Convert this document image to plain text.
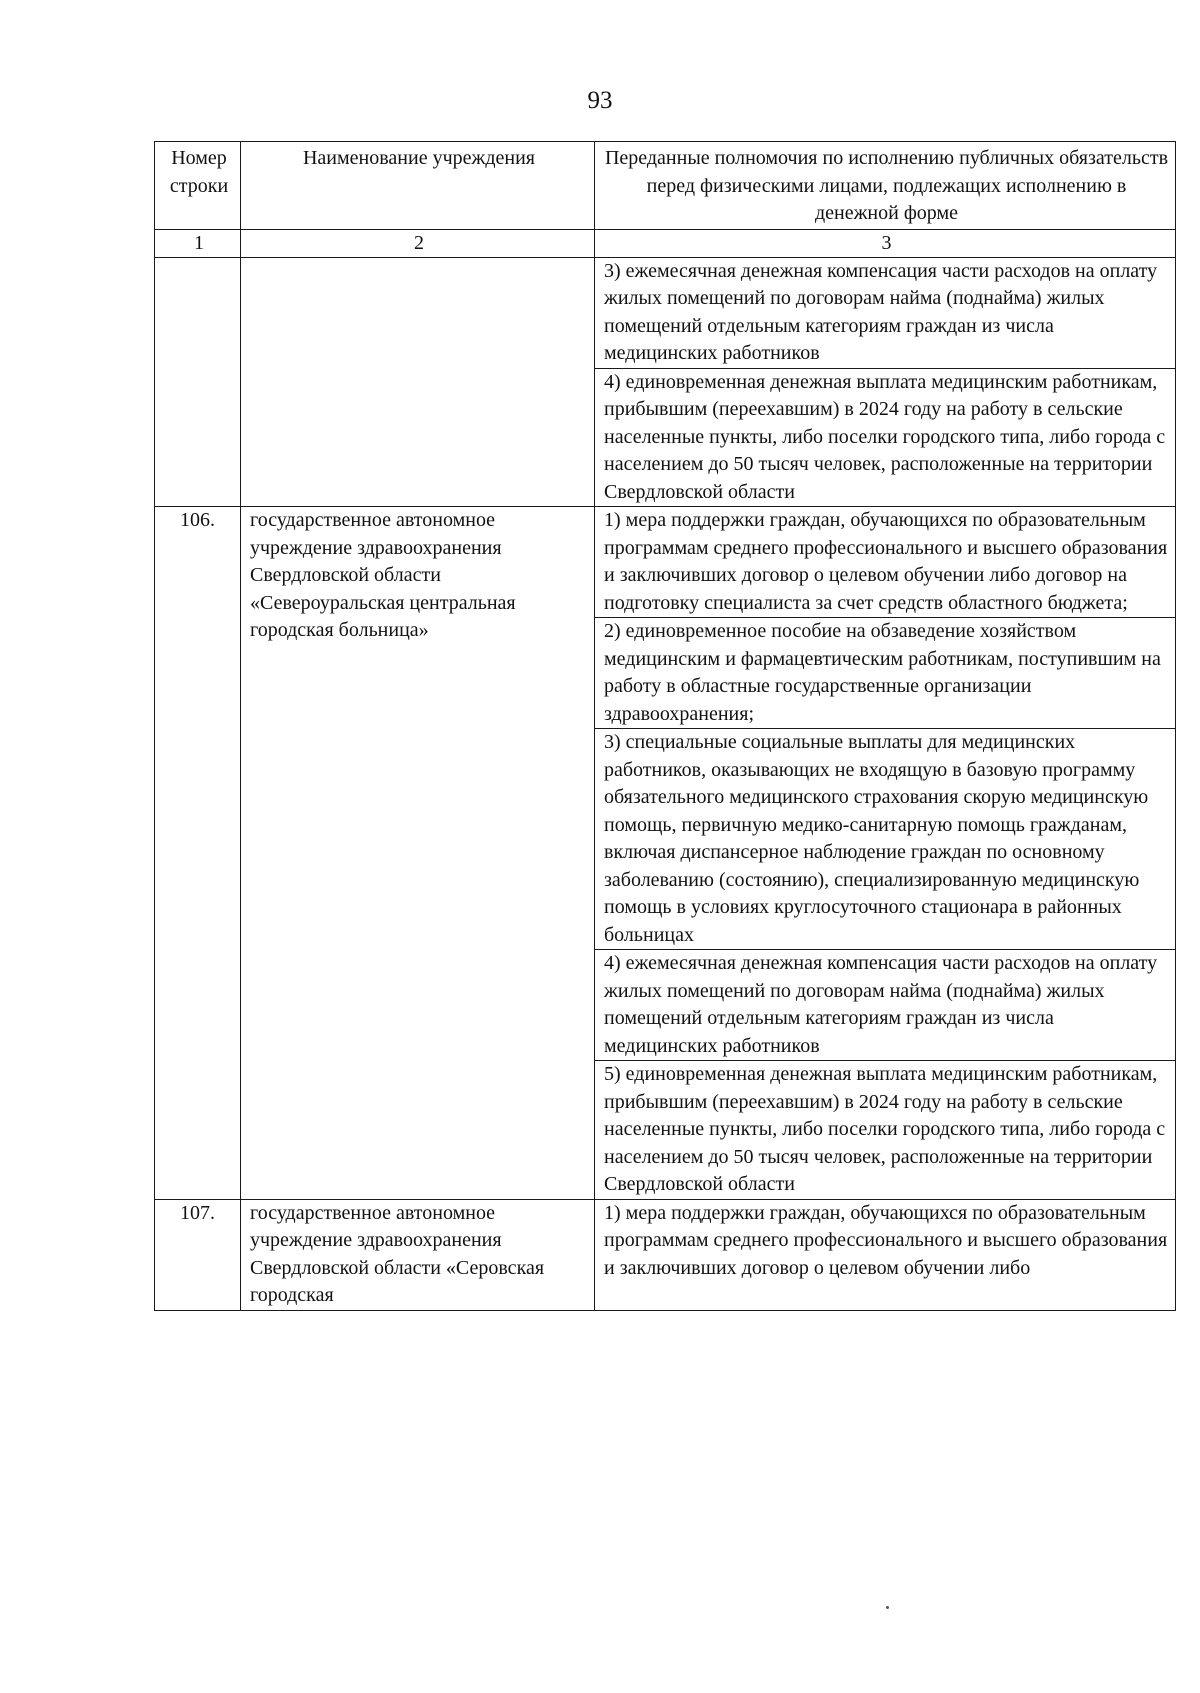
93
Номер строки	Наименование учреждения	Переданные полномочия по исполнению публичных обязательств перед физическими лицами, подлежащих исполнению в денежной форме
1	2	3
		3) ежемесячная денежная компенсация части расходов на оплату жилых помещений по договорам найма (поднайма) жилых помещений отдельным категориям граждан из числа медицинских работников
		4) единовременная денежная выплата медицинским работникам, прибывшим (переехавшим) в 2024 году на работу в сельские населенные пункты, либо поселки городского типа, либо города с населением до 50 тысяч человек, расположенные на территории Свердловской области
106.	государственное автономное учреждение здравоохранения Свердловской области «Североуральская центральная городская больница»	1) мера поддержки граждан, обучающихся по образовательным программам среднего профессионального и высшего образования и заключивших договор о целевом обучении либо договор на подготовку специалиста за счет средств областного бюджета;
		2) единовременное пособие на обзаведение хозяйством медицинским и фармацевтическим работникам, поступившим на работу в областные государственные организации здравоохранения;
		3) специальные социальные выплаты для медицинских работников, оказывающих не входящую в базовую программу обязательного медицинского страхования скорую медицинскую помощь, первичную медико-санитарную помощь гражданам, включая диспансерное наблюдение граждан по основному заболеванию (состоянию), специализированную медицинскую помощь в условиях круглосуточного стационара в районных больницах
		4) ежемесячная денежная компенсация части расходов на оплату жилых помещений по договорам найма (поднайма) жилых помещений отдельным категориям граждан из числа медицинских работников
		5) единовременная денежная выплата медицинским работникам, прибывшим (переехавшим) в 2024 году на работу в сельские населенные пункты, либо поселки городского типа, либо города с населением до 50 тысяч человек, расположенные на территории Свердловской области
107.	государственное автономное учреждение здравоохранения Свердловской области «Серовская городская	1) мера поддержки граждан, обучающихся по образовательным программам среднего профессионального и высшего образования и заключивших договор о целевом обучении либо
